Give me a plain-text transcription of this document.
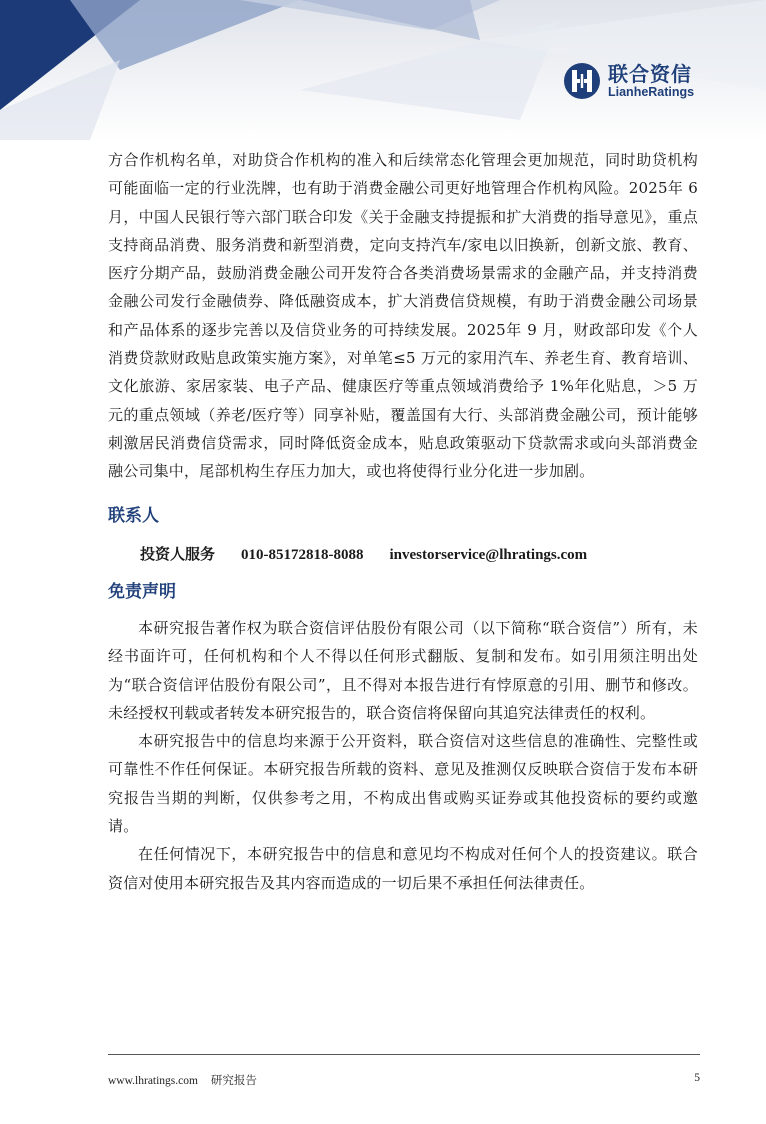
联合资信
LianheRatings

方合作机构名单，对助贷合作机构的准入和后续常态化管理会更加规范，同时助贷机构可能面临一定的行业洗牌，也有助于消费金融公司更好地管理合作机构风险。2025年 6 月，中国人民银行等六部门联合印发《关于金融支持提振和扩大消费的指导意见》，重点支持商品消费、服务消费和新型消费，定向支持汽车/家电以旧换新，创新文旅、教育、医疗分期产品，鼓励消费金融公司开发符合各类消费场景需求的金融产品，并支持消费金融公司发行金融债券、降低融资成本，扩大消费信贷规模，有助于消费金融公司场景和产品体系的逐步完善以及信贷业务的可持续发展。2025年 9 月，财政部印发《个人消费贷款财政贴息政策实施方案》，对单笔≤5 万元的家用汽车、养老生育、教育培训、文化旅游、家居家装、电子产品、健康医疗等重点领域消费给予 1%年化贴息，＞5 万元的重点领域（养老/医疗等）同享补贴，覆盖国有大行、头部消费金融公司，预计能够刺激居民消费信贷需求，同时降低资金成本，贴息政策驱动下贷款需求或向头部消费金融公司集中，尾部机构生存压力加大，或也将使得行业分化进一步加剧。

联系人
投资人服务 010-85172818-8088 investorservice@lhratings.com
免责声明

本研究报告著作权为联合资信评估股份有限公司（以下简称“联合资信”）所有，未经书面许可，任何机构和个人不得以任何形式翻版、复制和发布。如引用须注明出处为“联合资信评估股份有限公司”，且不得对本报告进行有悖原意的引用、删节和修改。未经授权刊载或者转发本研究报告的，联合资信将保留向其追究法律责任的权利。

本研究报告中的信息均来源于公开资料，联合资信对这些信息的准确性、完整性或可靠性不作任何保证。本研究报告所载的资料、意见及推测仅反映联合资信于发布本研究报告当期的判断，仅供参考之用，不构成出售或购买证券或其他投资标的要约或邀请。

在任何情况下，本研究报告中的信息和意见均不构成对任何个人的投资建议。联合资信对使用本研究报告及其内容而造成的一切后果不承担任何法律责任。

www.lhratings.com 研究报告	5
